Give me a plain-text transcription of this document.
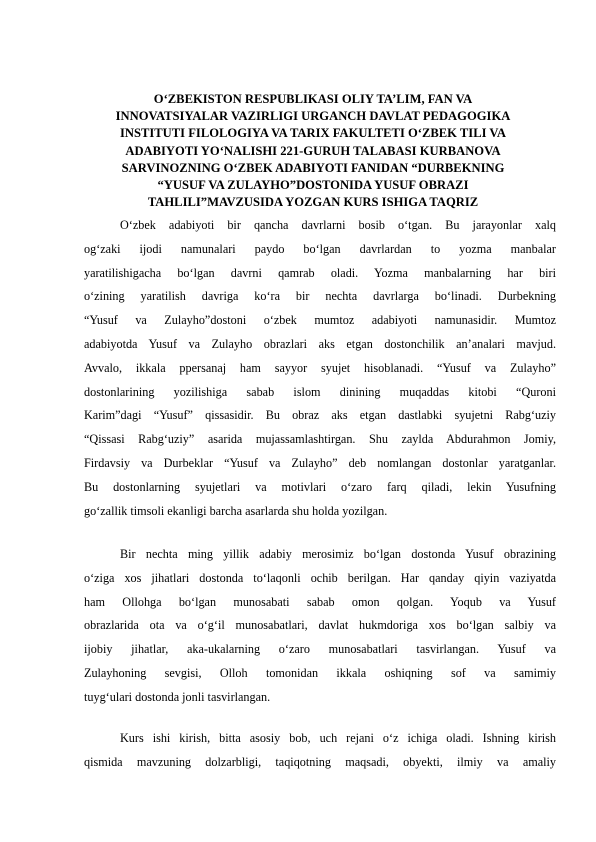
O‘ZBEKISTON RESPUBLIKASI OLIY TA’LIM, FAN VA
INNOVATSIYALAR VAZIRLIGI URGANCH DAVLAT PEDAGOGIKA
INSTITUTI FILOLOGIYA VA TARIX FAKULTETI O‘ZBEK TILI VA
ADABIYOTI YO‘NALISHI 221-GURUH TALABASI KURBANOVA
SARVINOZNING O‘ZBEK ADABIYOTI FANIDAN “DURBEKNING
“YUSUF VA ZULAYHO”DOSTONIDA YUSUF OBRAZI
TAHLILI”MAVZUSIDA YOZGAN KURS ISHIGA TAQRIZ
O‘zbek adabiyoti bir qancha davrlarni bosib o‘tgan. Bu jarayonlar xalq
og‘zaki ijodi namunalari paydo bo‘lgan davrlardan to yozma manbalar
yaratilishigacha bo‘lgan davrni qamrab oladi. Yozma manbalarning har biri
o‘zining yaratilish davriga ko‘ra bir nechta davrlarga bo‘linadi. Durbekning
“Yusuf va Zulayho”dostoni o‘zbek mumtoz adabiyoti namunasidir. Mumtoz
adabiyotda Yusuf va Zulayho obrazlari aks etgan dostonchilik an’analari mavjud.
Avvalo, ikkala ppersanaj ham sayyor syujet hisoblanadi. “Yusuf va Zulayho”
dostonlarining yozilishiga sabab islom dinining muqaddas kitobi “Quroni
Karim”dagi “Yusuf” qissasidir. Bu obraz aks etgan dastlabki syujetni Rabg‘uziy
“Qissasi Rabg‘uziy” asarida mujassamlashtirgan. Shu zaylda Abdurahmon Jomiy,
Firdavsiy va Durbeklar “Yusuf va Zulayho” deb nomlangan dostonlar yaratganlar.
Bu dostonlarning syujetlari va motivlari o‘zaro farq qiladi, lekin Yusufning
go‘zallik timsoli ekanligi barcha asarlarda shu holda yozilgan.
Bir nechta ming yillik adabiy merosimiz bo‘lgan dostonda Yusuf obrazining
o‘ziga xos jihatlari dostonda to‘laqonli ochib berilgan. Har qanday qiyin vaziyatda
ham Ollohga bo‘lgan munosabati sabab omon qolgan. Yoqub va Yusuf
obrazlarida ota va o‘g‘il munosabatlari, davlat hukmdoriga xos bo‘lgan salbiy va
ijobiy jihatlar, aka-ukalarning o‘zaro munosabatlari tasvirlangan. Yusuf va
Zulayhoning sevgisi, Olloh tomonidan ikkala oshiqning sof va samimiy
tuyg‘ulari dostonda jonli tasvirlangan.
Kurs ishi kirish, bitta asosiy bob, uch rejani o‘z ichiga oladi. Ishning kirish
qismida mavzuning dolzarbligi, taqiqotning maqsadi, obyekti, ilmiy va amaliy
